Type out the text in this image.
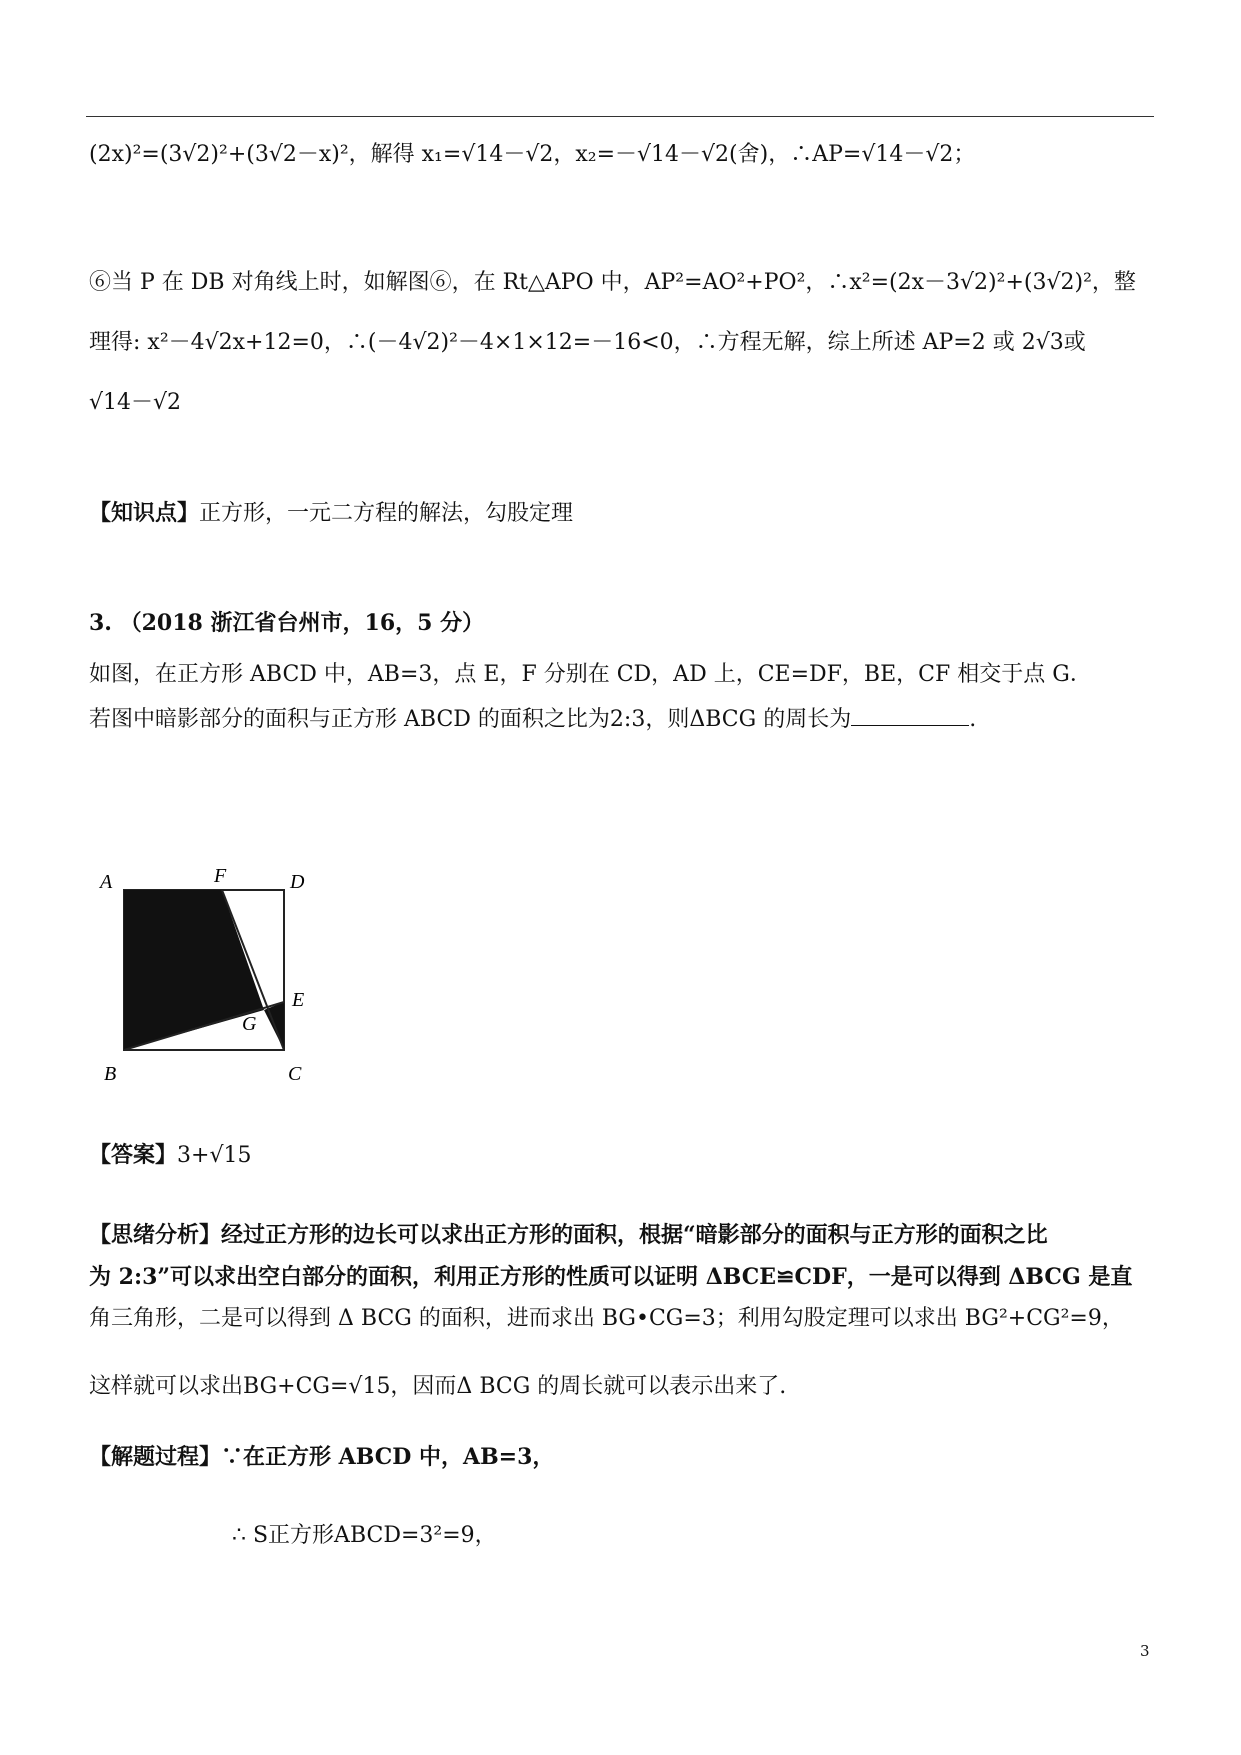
(2x)²=(3√2)²+(3√2－x)²，解得 x₁=√14－√2，x₂=－√14－√2(舍)，∴AP=√14－√2；
⑥当 P 在 DB 对角线上时，如解图⑥，在 Rt△APO 中，AP²=AO²+PO²，∴x²=(2x－3√2)²+(3√2)²，整
理得: x²－4√2x+12=0，∴(－4√2)²－4×1×12=－16<0，∴方程无解，综上所述 AP=2 或 2√3或
√14－√2
【知识点】正方形，一元二方程的解法，勾股定理
3. （2018 浙江省台州市，16，5 分）
如图，在正方形 ABCD 中，AB=3，点 E，F 分别在 CD，AD 上，CE=DF，BE，CF 相交于点 G．
若图中暗影部分的面积与正方形 ABCD 的面积之比为2:3，则ΔBCG 的周长为	.
A	F	D
E
G
B	C
【答案】3+√15
【思绪分析】经过正方形的边长可以求出正方形的面积，根据“暗影部分的面积与正方形的面积之比
为 2:3”可以求出空白部分的面积，利用正方形的性质可以证明 ΔBCE≌CDF，一是可以得到 ΔBCG 是直
角三角形，二是可以得到 Δ BCG 的面积，进而求出 BG•CG=3；利用勾股定理可以求出 BG²+CG²=9，
这样就可以求出BG+CG=√15，因而Δ BCG 的周长就可以表示出来了.
【解题过程】∵在正方形 ABCD 中，AB=3，
∴ S正方形ABCD=3²=9，
3
